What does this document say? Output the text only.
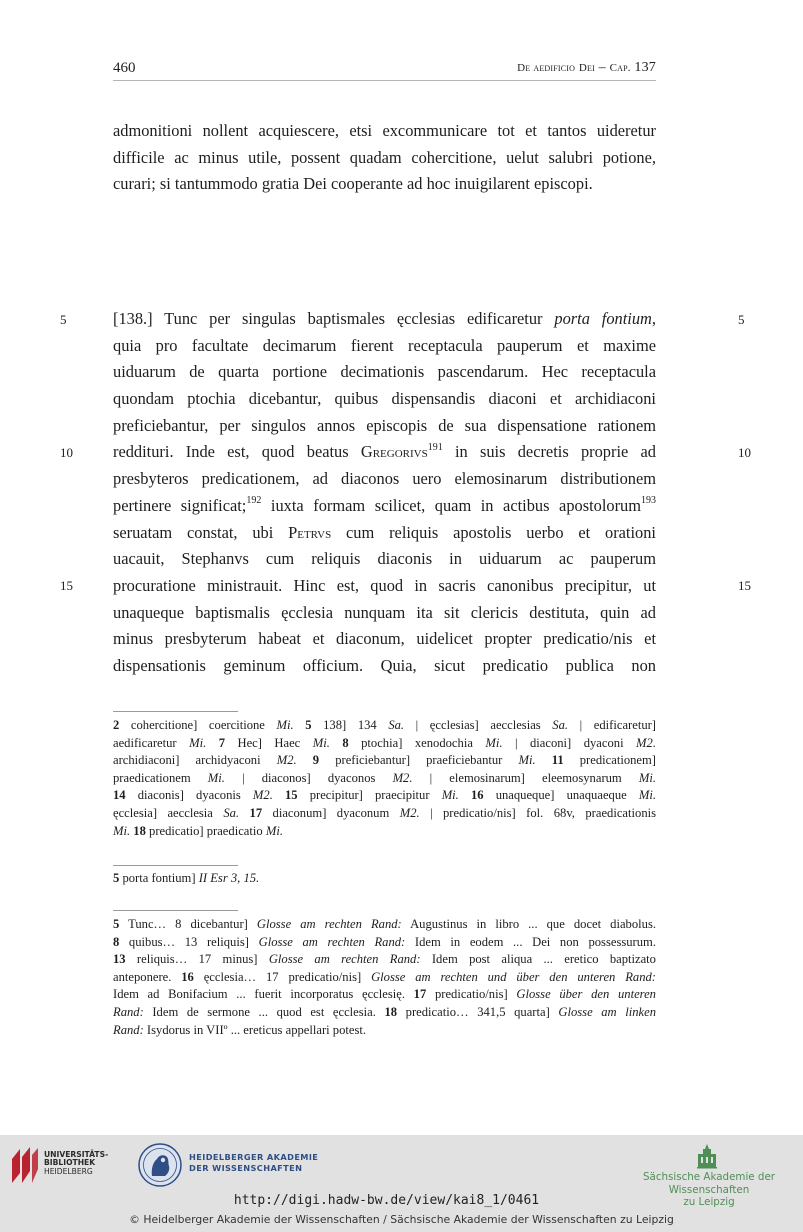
460	De aedificio Dei – Cap. 137
admonitioni nollent acquiescere, etsi excommunicare tot et tantos uideretur
difficile ac minus utile, possent quadam cohercitione, uelut salubri potione,
curari; si tantummodo gratia Dei cooperante ad hoc inuigilarent episcopi.
[138.] Tunc per singulas baptismales ęcclesias edificaretur porta fontium,
quia pro facultate decimarum fierent receptacula pauperum et maxime
uiduarum de quarta portione decimationis pascendarum. Hec receptacula
quondam ptochia dicebantur, quibus dispensandis diaconi et archidiaconi
preficiebantur, per singulos annos episcopis de sua dispensatione rationem
reddituri. Inde est, quod beatus Gregorivs$^{191}$ in suis decretis proprie ad
presbyteros predicationem, ad diaconos uero elemosinarum distributionem
pertinere significat;$^{192}$ iuxta formam scilicet, quam in actibus apostolorum$^{193}$
seruatam constat, ubi Petrvs cum reliquis apostolis uerbo et orationi
uacauit, Stephanvs cum reliquis diaconis in uiduarum ac pauperum
procuratione ministrauit. Hinc est, quod in sacris canonibus precipitur, ut
unaqueque baptismalis ęcclesia nunquam ita sit clericis destituta, quin ad
minus presbyterum habeat et diaconum, uidelicet propter predicatio/nis et
dispensationis geminum officium. Quia, sicut predicatio publica non
5	5
10	10
15	15
2 cohercitione] coercitione Mi. 5 138] 134 Sa. | ęcclesias] aecclesias Sa. | edificaretur]
aedificaretur Mi. 7 Hec] Haec Mi. 8 ptochia] xenodochia Mi. | diaconi] dyaconi M2.
archidiaconi] archidyaconi M2. 9 preficiebantur] praeficiebantur Mi. 11 predicationem]
praedicationem Mi. | diaconos] dyaconos M2. | elemosinarum] eleemosynarum Mi.
14 diaconis] dyaconis M2. 15 precipitur] praecipitur Mi. 16 unaqueque] unaquaeque Mi.
ęcclesia] aecclesia Sa. 17 diaconum] dyaconum M2. | predicatio/nis] fol. 68v, praedicationis
Mi. 18 predicatio] praedicatio Mi.
5 porta fontium] II Esr 3, 15.
5 Tunc… 8 dicebantur] Glosse am rechten Rand: Augustinus in libro ... que docet diabolus.
8 quibus… 13 reliquis] Glosse am rechten Rand: Idem in eodem ... Dei non possessurum.
13 reliquis… 17 minus] Glosse am rechten Rand: Idem post aliqua ... eretico baptizato
anteponere. 16 ęcclesia… 17 predicatio/nis] Glosse am rechten und über den unteren Rand:
Idem ad Bonifacium ... fuerit incorporatus ęcclesię. 17 predicatio/nis] Glosse über den unteren
Rand: Idem de sermone ... quod est ęcclesia. 18 predicatio… 341,5 quarta] Glosse am linken
Rand: Isydorus in VIIº ... ereticus appellari potest.
UNIVERSITÄTS-
BIBLIOTHEK
HEIDELBERG
HEIDELBERGER AKADEMIE
DER WISSENSCHAFTEN
Sächsische Akademie der Wissenschaften
zu Leipzig
http://digi.hadw-bw.de/view/kai8_1/0461
© Heidelberger Akademie der Wissenschaften / Sächsische Akademie der Wissenschaften zu Leipzig
